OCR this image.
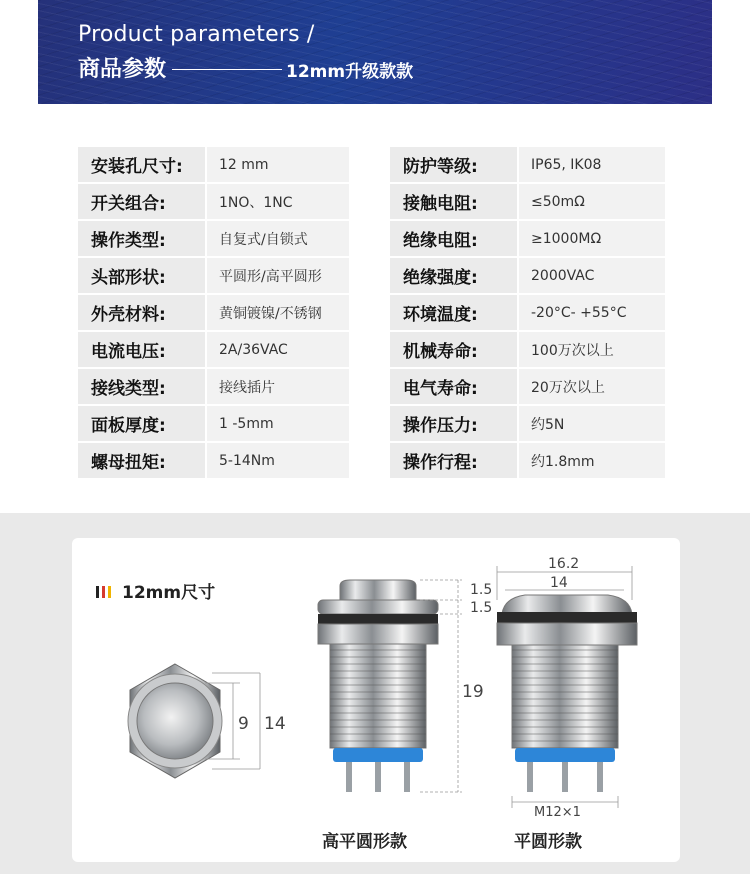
Product parameters /
商品参数	12mm升级款款
安装孔尺寸:	12 mm
开关组合:	1NO、1NC
操作类型:	自复式/自锁式
头部形状:	平圆形/高平圆形
外壳材料:	黄铜镀镍/不锈钢
电流电压:	2A/36VAC
接线类型:	接线插片
面板厚度:	1 -5mm
螺母扭矩:	5-14Nm
防护等级:	IP65, IK08
接触电阻:	≤50mΩ
绝缘电阻:	≥1000MΩ
绝缘强度:	2000VAC
环境温度:	-20°C- +55°C
机械寿命:	100万次以上
电气寿命:	20万次以上
操作压力:	约5N
操作行程:	约1.8mm
12mm尺寸
9 14
1.5
1.5
19
16.2
14
M12×1
高平圆形款	平圆形款
